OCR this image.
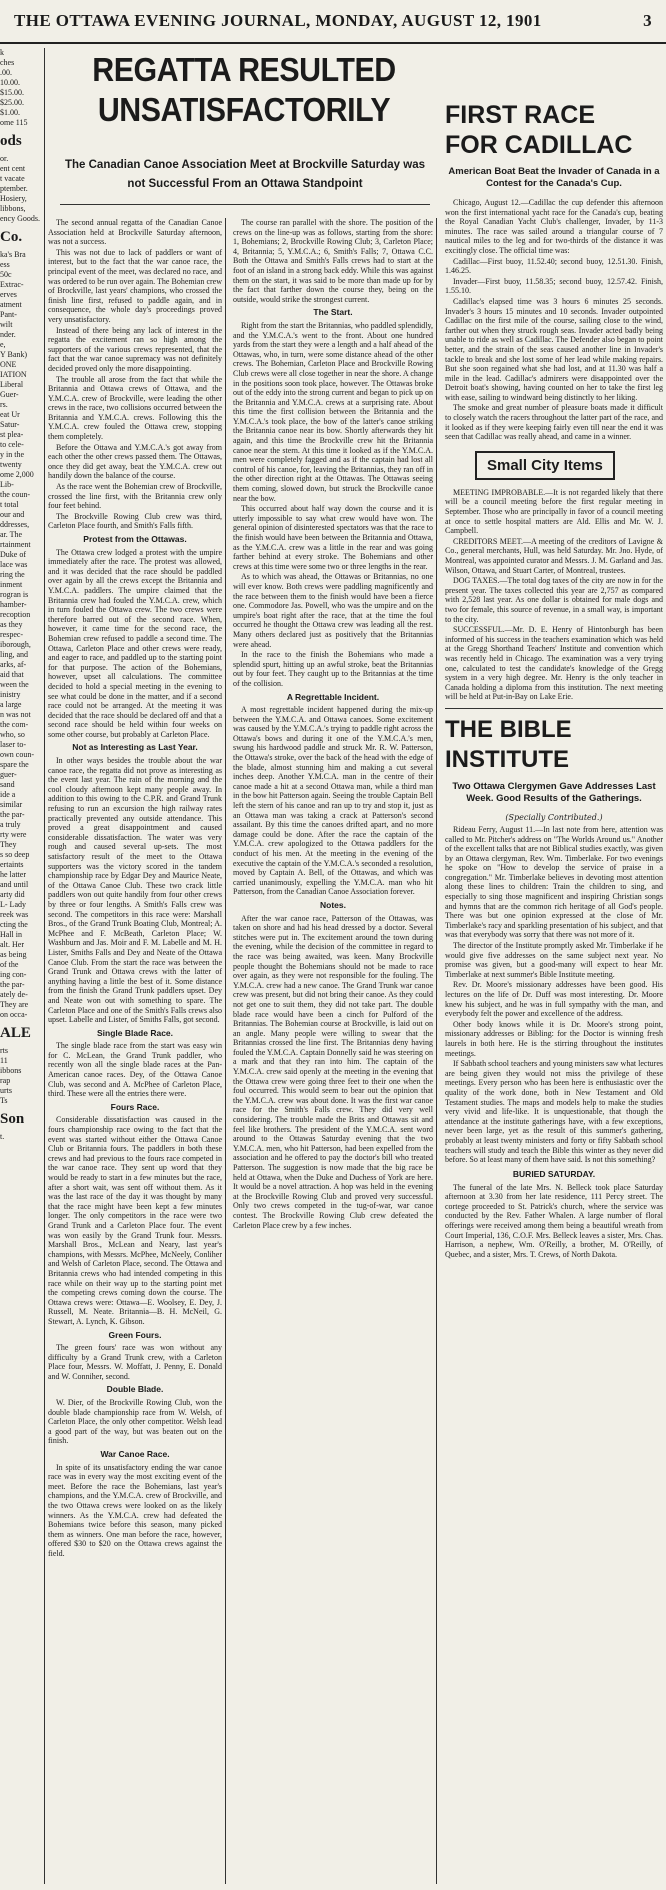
THE OTTAWA EVENING JOURNAL, MONDAY, AUGUST 12, 1901	3
k
ches
.00.
10.00.
$15.00.
$25.00.
$1.00.
ome 115
ods
or.
ent cent
t vacate
ptember.
Hosiery,
libbons,
ency Goods.
Co.
ka's Bra
ess
50c
Extrac-
erves
atment
Pant-
wilt
nder.
e,
Y Bank)
ONE
IATION
Liberal
Guer-
rs.
eat Ur
Satur-
st plea-
to cele-
y in the
twenty
ome 2,000
Lib-
the coun-
t total
our and
ddresses,
ar. The
rtainment
Duke of
lace was
ring the
inment
rogran is
hamber-
recoption
as they
respec-
iborough,
ling, and
arks, af-
aid that
ween the
inistry
a large
n was not
the com-
who, so
laser to-
own coun-
spare the
guer-
sand
ide a
similar
the par-
a truly
rty were
They
s so deep
ertaints
he latter
and until
arty did
L- Lady
reek was
cting the
Hall in
alt. Her
as being
of the
ing con-
the par-
ately de-
They are
on occa-
ALE
rts
11
ibbons
rap
urts
Ts
Son
t.
REGATTA RESULTED
UNSATISFACTORILY
The Canadian Canoe Association Meet at Brockville Saturday was not Successful From an Ottawa Standpoint

The second annual regatta of the Canadian Canoe Association held at Brockville Saturday afternoon, was not a success.

This was not due to lack of paddlers or want of interest, but to the fact that the war canoe race, the principal event of the meet, was declared no race, and was ordered to be run over again. The Bohemian crew of Brockville, last years' champions, who crossed the finish line first, refused to paddle again, and in consequence, the whole day's proceedings proved very unsatisfactory.

Instead of there being any lack of interest in the regatta the excitement ran so high among the supporters of the various crews represented, that the fact that the war canoe supremacy was not definitely decided proved only the more disappointing.

The trouble all arose from the fact that while the Britannia and Ottawa crews of Ottawa, and the Y.M.C.A. crew of Brockville, were leading the other crews in the race, two collisions occurred between the Britannia and Y.M.C.A. crews. Following this the Y.M.C.A. crew fouled the Ottawa crew, stopping them completely.

Before the Ottawa and Y.M.C.A.'s got away from each other the other crews passed them. The Ottawas, once they did get away, beat the Y.M.C.A. crew out handily down the balance of the course.

As the race went the Bohemian crew of Brockville, crossed the line first, with the Britannia crew only four feet behind.

The Brockville Rowing Club crew was third, Carleton Place fourth, and Smith's Falls fifth.

Protest from the Ottawas.

The Ottawa crew lodged a protest with the umpire immediately after the race. The protest was allowed, and it was decided that the race should be paddled over again by all the crews except the Britannia and Y.M.C.A. paddlers. The umpire claimed that the Britannia crew had fouled the Y.M.C.A. crew, which in turn fouled the Ottawa crew. The two crews were therefore barred out of the second race. When, however, it came time for the second race, the Bohemian crew refused to paddle a second time. The Ottawa, Carleton Place and other crews were ready, and eager to race, and paddled up to the starting point for that purpose. The action of the Bohemians, however, upset all calculations. The committee decided to hold a special meeting in the evening to see what could be done in the matter, and if a second race could not be arranged. At the meeting it was decided that the race should be declared off and that a second race should be held within four weeks on some other course, but probably at Carleton Place.

Not as Interesting as Last Year.

In other ways besides the trouble about the war canoe race, the regatta did not prove as interesting as the event last year. The rain of the morning and the cool cloudy afternoon kept many people away. In addition to this owing to the C.P.R. and Grand Trunk refusing to run an excursion the high railway rates practically prevented any outside attendance. This proved a great disappointment and caused considerable dissatisfaction. The water was very rough and caused several up-sets. The most satisfactory result of the meet to the Ottawa supporters was the victory scored in the tandem championship race by Edgar Dey and Maurice Neate, of the Ottawa Canoe Club. These two crack little paddlers won out quite handily from four other crews by three or four lengths. A Smith's Falls crew was second. The competitors in this race were: Marshall Bros., of the Grand Trunk Boating Club, Montreal; A. McPhee and F. McBeath, Carleton Place; W. Washburn and Jas. Moir and F. M. Labelle and M. H. Lister, Smiths Falls and Dey and Neate of the Ottawa Canoe Club. From the start the race was between the Grand Trunk and Ottawa crews with the latter of anything having a little the best of it. Some distance from the finish the Grand Trunk paddlers upset. Dey and Neate won out with something to spare. The Carleton Place and one of the Smith's Falls crews also upset. Labelle and Lister, of Smiths Falls, got second.

Single Blade Race.

The single blade race from the start was easy win for C. McLean, the Grand Trunk paddler, who recently won all the single blade races at the Pan-American canoe races. Dey, of the Ottawa Canoe Club, was second and A. McPhee of Carleton Place, third. These were all the entries there were.

Fours Race.

Considerable dissatisfaction was caused in the fours championship race owing to the fact that the event was started without either the Ottawa Canoe Club or Britannia fours. The paddlers in both these crews and had previous to the fours race competed in the war canoe race. They sent up word that they would be ready to start in a few minutes but the race, after a short wait, was sent off without them. As it was the last race of the day it was thought by many that the race might have been kept a few minutes longer. The only competitors in the race were two Grand Trunk and a Carleton Place four. The event was won easily by the Grand Trunk four. Messrs. Marshall Bros., McLean and Neary, last year's champions, with Messrs. McPhee, McNeely, Conliher and Welsh of Carleton Place, second. The Ottawa and Britannia crews who had intended competing in this race while on their way up to the starting point met the competing crews coming down the course. The Ottawa crews were: Ottawa—E. Woolsey, E. Dey, J. Russell, M. Neate. Britannia—B. H. McNeil, G. Stewart, A. Lynch, K. Gibson.

Green Fours.

The green fours' race was won without any difficulty by a Grand Trunk crew, with a Carleton Place four, Messrs. W. Moffatt, J. Penny, E. Donald and W. Conniher, second.

Double Blade.

W. Dier, of the Brockville Rowing Club, won the double blade championship race from W. Welsh, of Carleton Place, the only other competitor. Welsh lead a good part of the way, but was beaten out on the finish.

War Canoe Race.

In spite of its unsatisfactory ending the war canoe race was in every way the most exciting event of the meet. Before the race the Bohemians, last year's champions, and the Y.M.C.A. crew of Brockville, and the two Ottawa crews were looked on as the likely winners. As the Y.M.C.A. crew had defeated the Bohemians twice before this season, many picked them as winners. One man before the race, however, offered $30 to $20 on the Ottawa crews against the field.

The course ran parallel with the shore. The position of the crews on the line-up was as follows, starting from the shore: 1, Bohemians; 2, Brockville Rowing Club; 3, Carleton Place; 4, Britannia; 5, Y.M.C.A.; 6, Smith's Falls; 7, Ottawa C.C. Both the Ottawa and Smith's Falls crews had to start at the foot of an island in a strong back eddy. While this was against them on the start, it was said to be more than made up for by the fact that farther down the course they, being on the outside, would strike the strongest current.

The Start.

Right from the start the Britannias, who paddled splendidly, and the Y.M.C.A.'s went to the front. About one hundred yards from the start they were a length and a half ahead of the Ottawas, who, in turn, were some distance ahead of the other crews. The Bohemian, Carleton Place and Brockville Rowing Club crews were all close together in near the shore. A change in the positions soon took place, however. The Ottawas broke out of the eddy into the strong current and began to pick up on the Britannia and Y.M.C.A. crews at a surprising rate. About this time the first collision between the Britannia and the Y.M.C.A.'s took place, the bow of the latter's canoe striking the Britannia canoe near its bow. Shortly afterwards they hit again, and this time the Brockville crew hit the Britannia canoe near the stern. At this time it looked as if the Y.M.C.A. men were completely fagged and as if the captain had lost all control of his canoe, for, leaving the Britannias, they ran off in the other direction right at the Ottawas. The Ottawas seeing them coming, slowed down, but struck the Brockville canoe near the bow.

This occurred about half way down the course and it is utterly impossible to say what crew would have won. The general opinion of disinterested spectators was that the race to the finish would have been between the Britannia and Ottawa, as the Y.M.C.A. crew was a little in the rear and was going farther behind at every stroke. The Bohemians and other crews at this time were some two or three lengths in the rear.

As to which was ahead, the Ottawas or Britannias, no one will ever know. Both crews were paddling magnificently and the race between them to the finish would have been a fierce one. Commodore Jas. Powell, who was the umpire and on the umpire's boat right after the race, that at the time the foul occurred he thought the Ottawa crew was leading all the rest. Many others declared just as positively that the Britannias were ahead.

In the race to the finish the Bohemians who made a splendid spurt, hitting up an awful stroke, beat the Britannias out by four feet. They caught up to the Britannias at the time of the collision.

A Regrettable Incident.

A most regrettable incident happened during the mix-up between the Y.M.C.A. and Ottawa canoes. Some excitement was caused by the Y.M.C.A.'s trying to paddle right across the Ottawa's bows and during it one of the Y.M.C.A.'s men, swung his hardwood paddle and struck Mr. R. W. Patterson, the Ottawa's stroke, over the back of the head with the edge of the blade, almost stunning him and making a cut several inches deep. Another Y.M.C.A. man in the centre of their canoe made a hit at a second Ottawa man, while a third man in the bow hit Patterson again. Seeing the trouble Captain Bell left the stern of his canoe and ran up to try and stop it, just as an Ottawa man was taking a crack at Patterson's second assailant. By this time the canoes drifted apart, and no more damage could be done. After the race the captain of the Y.M.C.A. crew apologized to the Ottawa paddlers for the conduct of his men. At the meeting in the evening of the executive the captain of the Y.M.C.A.'s seconded a resolution, moved by Captain A. Bell, of the Ottawas, and which was carried unanimously, expelling the Y.M.C.A. man who hit Patterson, from the Canadian Canoe Association forever.

Notes.

After the war canoe race, Patterson of the Ottawas, was taken on shore and had his head dressed by a doctor. Several stitches were put in. The excitement around the town during the evening, while the decision of the committee in regard to the race was being awaited, was keen. Many Brockville people thought the Bohemians should not be made to race over again, as they were not responsible for the fouling. The Y.M.C.A. crew had a new canoe. The Grand Trunk war canoe crew was present, but did not bring their canoe. As they could not get one to suit them, they did not take part. The double blade race would have been a cinch for Pulford of the Britannias. The Bohemian course at Brockville, is laid out on an angle. Many people were willing to swear that the Britannias crossed the line first. The Britannias deny having fouled the Y.M.C.A. Captain Donnelly said he was steering on a mark and that they ran into him. The captain of the Y.M.C.A. crew said openly at the meeting in the evening that the Ottawa crew were going three feet to their one when the foul occurred. This would seem to bear out the opinion that the Y.M.C.A. crew was about done. It was the first war canoe race for the Smith's Falls crew. They did very well considering. The trouble made the Brits and Ottawas sit and feel like brothers. The president of the Y.M.C.A. sent word around to the Ottawas Saturday evening that the two Y.M.C.A. men, who hit Patterson, had been expelled from the association and he offered to pay the doctor's bill who treated Patterson. The suggestion is now made that the big race be held at Ottawa, when the Duke and Duchess of York are here. It would be a novel attraction. A hop was held in the evening at the Brockville Rowing Club and proved very successful. Only two crews competed in the tug-of-war, war canoe contest. The Brockville Rowing Club crew defeated the Carleton Place crew by a few inches.

FIRST RACE
FOR CADILLAC
American Boat Beat the Invader of Canada in a Contest for the Canada's Cup.

Chicago, August 12.—Cadillac the cup defender this afternoon won the first international yacht race for the Canada's cup, beating the Royal Canadian Yacht Club's challenger, Invader, by 11-3 minutes. The race was sailed around a triangular course of 7 nautical miles to the leg and for two-thirds of the distance it was excitingly close. The official time was:

Cadillac—First buoy, 11.52.40; second buoy, 12.51.30. Finish, 1.46.25.

Invader—First buoy, 11.58.35; second buoy, 12.57.42. Finish, 1.55.10.

Cadillac's elapsed time was 3 hours 6 minutes 25 seconds. Invader's 3 hours 15 minutes and 10 seconds. Invader outpointed Cadillac on the first mile of the course, sailing close to the wind, farther out when they struck rough seas. Invader acted badly being unable to ride as well as Cadillac. The Defender also began to point better, and the strain of the seas caused another line in Invader's tackle to break and she lost some of her lead while making repairs. But she soon regained what she had lost, and at 11.30 was half a mile in the lead. Cadillac's admirers were disappointed over the Detroit boat's showing, having counted on her to take the first leg with ease, sailing to windward being distinctly to her liking.

The smoke and great number of pleasure boats made it difficult to closely watch the racers throughout the latter part of the race, and it looked as if they were keeping fairly even till near the end it was seen that Cadillac was really ahead, and came in a winner.

Small City Items

MEETING IMPROBABLE.—It is not regarded likely that there will be a council meeting before the first regular meeting in September. Those who are principally in favor of a council meeting at once to settle hospital matters are Ald. Ellis and Mr. W. J. Campbell.

CREDITORS MEET.—A meeting of the creditors of Lavigne & Co., general merchants, Hull, was held Saturday. Mr. Jno. Hyde, of Montreal, was appointed curator and Messrs. J. M. Garland and Jas. Wilson, Ottawa, and Stuart Carter, of Montreal, trustees.

DOG TAXES.—The total dog taxes of the city are now in for the present year. The taxes collected this year are 2,757 as compared with 2,528 last year. As one dollar is obtained for male dogs and two for female, this source of revenue, in a small way, is important to the city.

SUCCESSFUL.—Mr. D. E. Henry of Hintonburgh has been informed of his success in the teachers examination which was held at the Gregg Shorthand Teachers' Institute and convention which was recently held in Chicago. The examination was a very trying one, calculated to test the candidate's knowledge of the Gregg system in a very high degree. Mr. Henry is the only teacher in Canada holding a diploma from this institution. The next meeting will be held at Put-in-Bay on Lake Erie.

THE BIBLE
INSTITUTE
Two Ottawa Clergymen Gave Addresses Last Week. Good Results of the Gatherings.
(Specially Contributed.)

Rideau Ferry, August 11.—In last note from here, attention was called to Mr. Pitcher's address on "The Worlds Around us." Another of the excellent talks that are not Biblical studies exactly, was given by an Ottawa clergyman, Rev. Wm. Timberlake. For two evenings he spoke on "How to develop the service of praise in a congregation." Mr. Timberlake believes in devoting most attention along these lines to children: Train the children to sing, and especially to sing those magnificent and inspiring Christian songs and hymns that are the common rich heritage of all God's people. There was but one opinion expressed at the close of Mr. Timberlake's racy and sparkling presentation of his subject, and that was that everybody was sorry that there was not more of it.

The director of the Institute promptly asked Mr. Timberlake if he would give five addresses on the same subject next year. No promise was given, but a good-many will expect to hear Mr. Timberlake at next summer's Bible Institute meeting.

Rev. Dr. Moore's missionary addresses have been good. His lectures on the life of Dr. Duff was most interesting. Dr. Moore knew his subject, and he was in full sympathy with the man, and everybody felt the power and excellence of the address.

Other body knows while it is Dr. Moore's strong point, missionary addresses or Bibling: for the Doctor is winning fresh laurels in both here. He is the stirring throughout the institutes meetings.

If Sabbath school teachers and young ministers saw what lectures are being given they would not miss the privilege of these meetings. Every person who has been here is enthusiastic over the quality of the work done, both in New Testament and Old Testament studies. The maps and models help to make the studies very vivid and life-like. It is unquestionable, that though the attendance at the institute gatherings have, with a few exceptions, never been large, yet as the result of this summer's gathering, probably at least twenty ministers and forty or fifty Sabbath school teachers will study and teach the Bible this winter as they never did before. So at least many of them have said. Is not this something?

BURIED SATURDAY.

The funeral of the late Mrs. N. Belleck took place Saturday afternoon at 3.30 from her late residence, 111 Percy street. The cortege proceeded to St. Patrick's church, where the service was conducted by the Rev. Father Whalen. A large number of floral offerings were received among them being a beautiful wreath from Court Imperial, 136, C.O.F. Mrs. Belleck leaves a sister, Mrs. Chas. Harrison, a nephew, Wm. O'Reilly, a brother, M. O'Reilly, of Quebec, and a sister, Mrs. T. Crews, of North Dakota.
